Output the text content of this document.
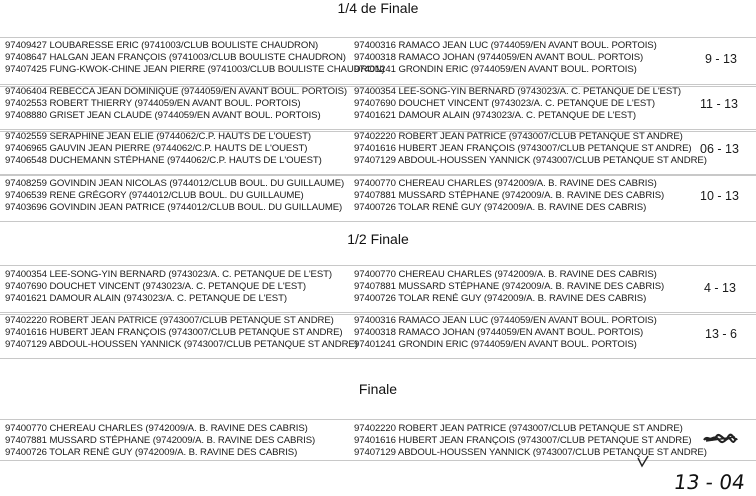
1/4 de Finale
97409427 LOUBARESSE ERIC (9741003/CLUB BOULISTE CHAUDRON)
97408647 HALGAN JEAN FRANÇOIS (9741003/CLUB BOULISTE CHAUDRON)
97407425 FUNG-KWOK-CHINE JEAN PIERRE (9741003/CLUB BOULISTE CHAUDRON)
97400316 RAMACO JEAN LUC (9744059/EN AVANT BOUL. PORTOIS)
97400318 RAMACO JOHAN (9744059/EN AVANT BOUL. PORTOIS)
97401241 GRONDIN ERIC (9744059/EN AVANT BOUL. PORTOIS)
9 - 13
97406404 REBECCA JEAN DOMINIQUE (9744059/EN AVANT BOUL. PORTOIS)
97402553 ROBERT THIERRY (9744059/EN AVANT BOUL. PORTOIS)
97408880 GRISET JEAN CLAUDE (9744059/EN AVANT BOUL. PORTOIS)
97400354 LEE-SONG-YIN BERNARD (9743023/A. C. PETANQUE DE L'EST)
97407690 DOUCHET VINCENT (9743023/A. C. PETANQUE DE L'EST)
97401621 DAMOUR ALAIN (9743023/A. C. PETANQUE DE L'EST)
11 - 13
97402559 SERAPHINE JEAN ELIE (9744062/C.P. HAUTS DE L'OUEST)
97406965 GAUVIN JEAN PIERRE (9744062/C.P. HAUTS DE L'OUEST)
97406548 DUCHEMANN STÉPHANE (9744062/C.P. HAUTS DE L'OUEST)
97402220 ROBERT JEAN PATRICE (9743007/CLUB PETANQUE ST ANDRE)
97401616 HUBERT JEAN FRANÇOIS (9743007/CLUB PETANQUE ST ANDRE)
97407129 ABDOUL-HOUSSEN YANNICK (9743007/CLUB PETANQUE ST ANDRE)
06 - 13
97408259 GOVINDIN JEAN NICOLAS (9744012/CLUB BOUL. DU GUILLAUME)
97406539 RENE GRÉGORY (9744012/CLUB BOUL. DU GUILLAUME)
97403696 GOVINDIN JEAN PATRICE (9744012/CLUB BOUL. DU GUILLAUME)
97400770 CHEREAU CHARLES (9742009/A. B. RAVINE DES CABRIS)
97407881 MUSSARD STÉPHANE (9742009/A. B. RAVINE DES CABRIS)
97400726 TOLAR RENÉ GUY (9742009/A. B. RAVINE DES CABRIS)
10 - 13
1/2 Finale
97400354 LEE-SONG-YIN BERNARD (9743023/A. C. PETANQUE DE L'EST)
97407690 DOUCHET VINCENT (9743023/A. C. PETANQUE DE L'EST)
97401621 DAMOUR ALAIN (9743023/A. C. PETANQUE DE L'EST)
97400770 CHEREAU CHARLES (9742009/A. B. RAVINE DES CABRIS)
97407881 MUSSARD STÉPHANE (9742009/A. B. RAVINE DES CABRIS)
97400726 TOLAR RENÉ GUY (9742009/A. B. RAVINE DES CABRIS)
4 - 13
97402220 ROBERT JEAN PATRICE (9743007/CLUB PETANQUE ST ANDRE)
97401616 HUBERT JEAN FRANÇOIS (9743007/CLUB PETANQUE ST ANDRE)
97407129 ABDOUL-HOUSSEN YANNICK (9743007/CLUB PETANQUE ST ANDRE)
97400316 RAMACO JEAN LUC (9744059/EN AVANT BOUL. PORTOIS)
97400318 RAMACO JOHAN (9744059/EN AVANT BOUL. PORTOIS)
97401241 GRONDIN ERIC (9744059/EN AVANT BOUL. PORTOIS)
13 - 6
Finale
97400770 CHEREAU CHARLES (9742009/A. B. RAVINE DES CABRIS)
97407881 MUSSARD STÉPHANE (9742009/A. B. RAVINE DES CABRIS)
97400726 TOLAR RENÉ GUY (9742009/A. B. RAVINE DES CABRIS)
97402220 ROBERT JEAN PATRICE (9743007/CLUB PETANQUE ST ANDRE)
97401616 HUBERT JEAN FRANÇOIS (9743007/CLUB PETANQUE ST ANDRE)
97407129 ABDOUL-HOUSSEN YANNICK (9743007/CLUB PETANQUE ST ANDRE)
13 - 04
